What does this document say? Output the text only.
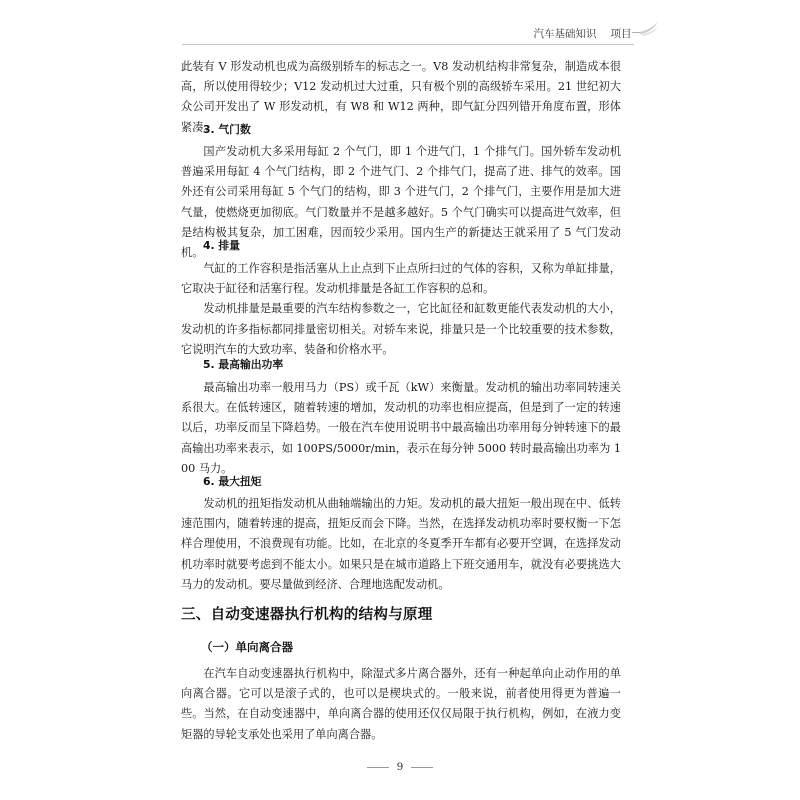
汽车基础知识 项目一

此装有 V 形发动机也成为高级别轿车的标志之一。V8 发动机结构非常复杂，制造成本很高，所以使用得较少；V12 发动机过大过重，只有极个别的高级轿车采用。21 世纪初大众公司开发出了 W 形发动机，有 W8 和 W12 两种，即气缸分四列错开角度布置，形体紧凑。

3. 气门数

国产发动机大多采用每缸 2 个气门，即 1 个进气门，1 个排气门。国外轿车发动机普遍采用每缸 4 个气门结构，即 2 个进气门、2 个排气门，提高了进、排气的效率。国外还有公司采用每缸 5 个气门的结构，即 3 个进气门，2 个排气门，主要作用是加大进气量，使燃烧更加彻底。气门数量并不是越多越好。5 个气门确实可以提高进气效率，但是结构极其复杂，加工困难，因而较少采用。国内生产的新捷达王就采用了 5 气门发动机。

4. 排量

气缸的工作容积是指活塞从上止点到下止点所扫过的气体的容积，又称为单缸排量，它取决于缸径和活塞行程。发动机排量是各缸工作容积的总和。

发动机排量是最重要的汽车结构参数之一，它比缸径和缸数更能代表发动机的大小，发动机的许多指标都同排量密切相关。对轿车来说，排量只是一个比较重要的技术参数，它说明汽车的大致功率、装备和价格水平。

5. 最高输出功率

最高输出功率一般用马力（PS）或千瓦（kW）来衡量。发动机的输出功率同转速关系很大。在低转速区，随着转速的增加，发动机的功率也相应提高，但是到了一定的转速以后，功率反而呈下降趋势。一般在汽车使用说明书中最高输出功率用每分钟转速下的最高输出功率来表示，如 100PS/5000r/min，表示在每分钟 5000 转时最高输出功率为 100 马力。

6. 最大扭矩

发动机的扭矩指发动机从曲轴端输出的力矩。发动机的最大扭矩一般出现在中、低转速范围内，随着转速的提高，扭矩反而会下降。当然，在选择发动机功率时要权衡一下怎样合理使用，不浪费现有功能。比如，在北京的冬夏季开车都有必要开空调，在选择发动机功率时就要考虑到不能太小。如果只是在城市道路上下班交通用车，就没有必要挑选大马力的发动机。要尽量做到经济、合理地选配发动机。

三、自动变速器执行机构的结构与原理

（一）单向离合器

在汽车自动变速器执行机构中，除湿式多片离合器外，还有一种起单向止动作用的单向离合器。它可以是滚子式的，也可以是楔块式的。一般来说，前者使用得更为普遍一些。当然，在自动变速器中，单向离合器的使用还仅仅局限于执行机构，例如，在液力变矩器的导轮支承处也采用了单向离合器。

9
